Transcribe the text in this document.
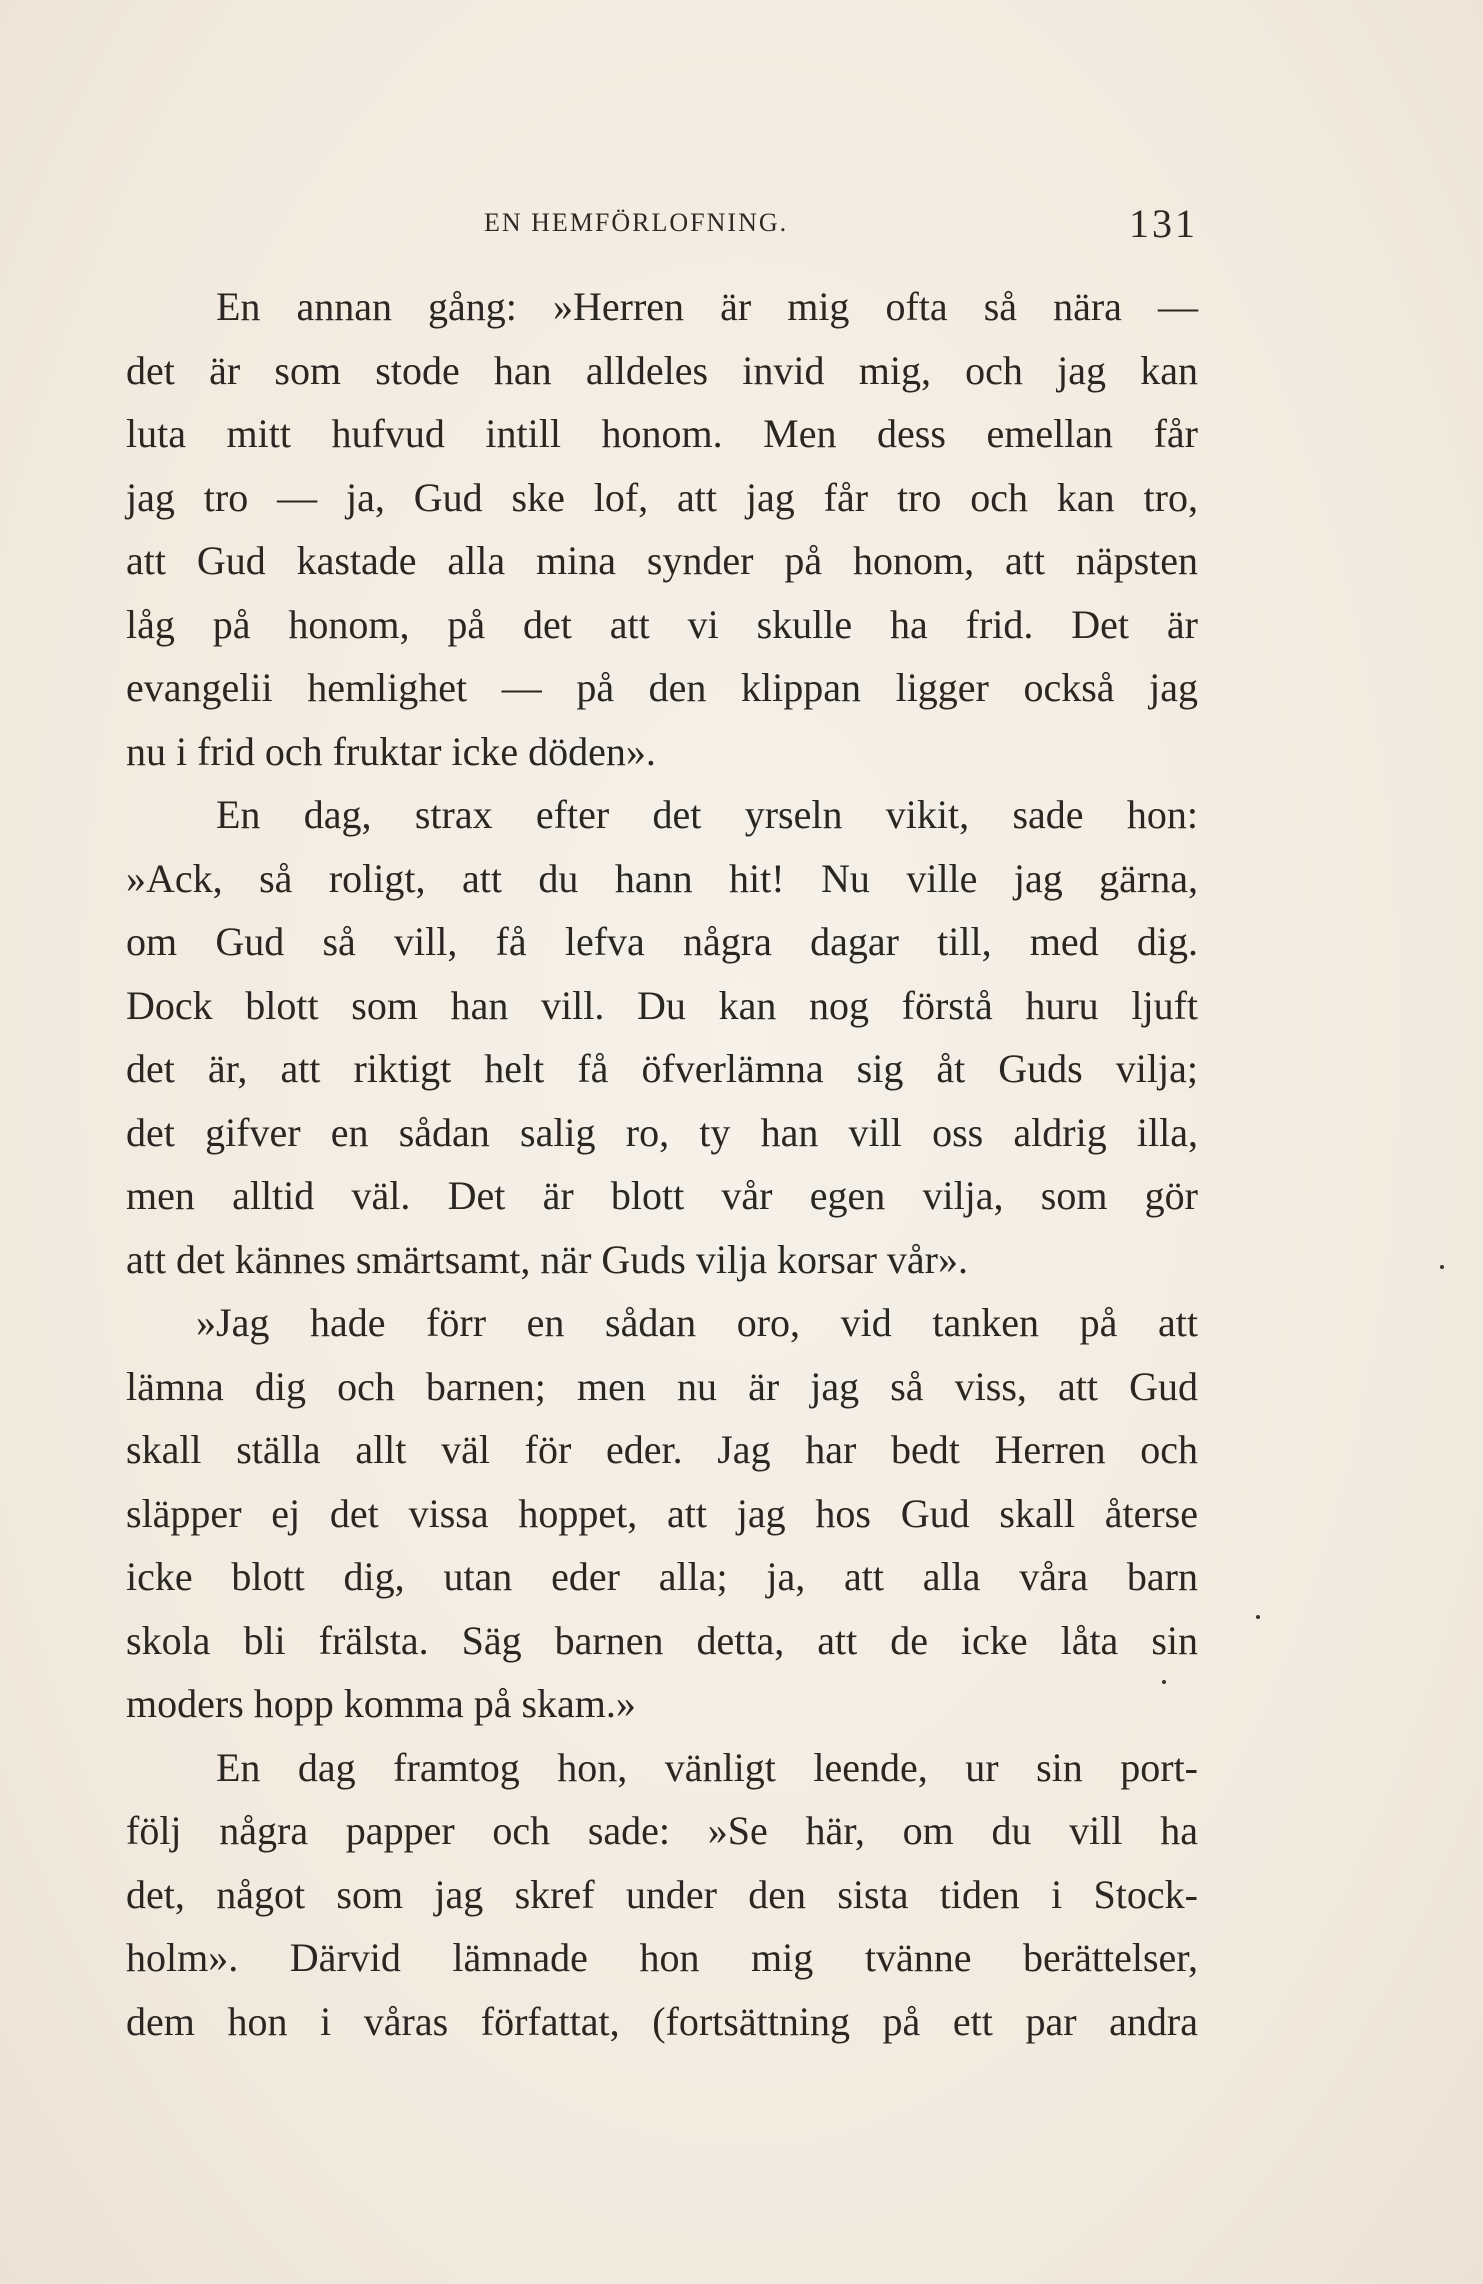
EN HEMFÖRLOFNING.	131
En annan gång: »Herren är mig ofta så nära —
det är som stode han alldeles invid mig, och jag kan
luta mitt hufvud intill honom. Men dess emellan får
jag tro — ja, Gud ske lof, att jag får tro och kan tro,
att Gud kastade alla mina synder på honom, att näpsten
låg på honom, på det att vi skulle ha frid. Det är
evangelii hemlighet — på den klippan ligger också jag
nu i frid och fruktar icke döden».
En dag, strax efter det yrseln vikit, sade hon:
»Ack, så roligt, att du hann hit! Nu ville jag gärna,
om Gud så vill, få lefva några dagar till, med dig.
Dock blott som han vill. Du kan nog förstå huru ljuft
det är, att riktigt helt få öfverlämna sig åt Guds vilja;
det gifver en sådan salig ro, ty han vill oss aldrig illa,
men alltid väl. Det är blott vår egen vilja, som gör
att det kännes smärtsamt, när Guds vilja korsar vår».
»Jag hade förr en sådan oro, vid tanken på att
lämna dig och barnen; men nu är jag så viss, att Gud
skall ställa allt väl för eder. Jag har bedt Herren och
släpper ej det vissa hoppet, att jag hos Gud skall återse
icke blott dig, utan eder alla; ja, att alla våra barn
skola bli frälsta. Säg barnen detta, att de icke låta sin
moders hopp komma på skam.»
En dag framtog hon, vänligt leende, ur sin port-
följ några papper och sade: »Se här, om du vill ha
det, något som jag skref under den sista tiden i Stock-
holm». Därvid lämnade hon mig tvänne berättelser,
dem hon i våras författat, (fortsättning på ett par andra
